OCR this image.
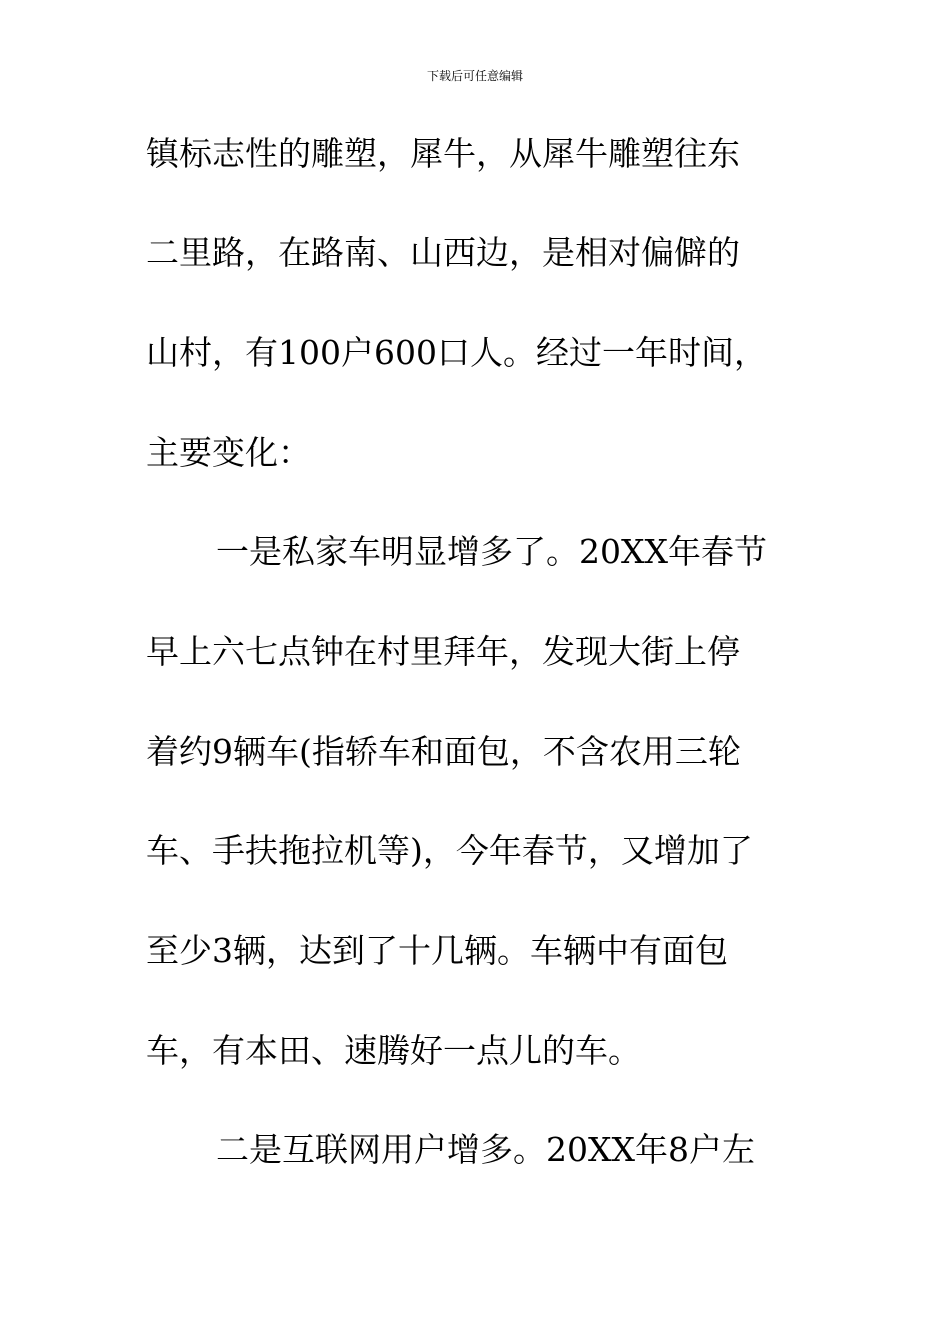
下载后可任意编辑
镇标志性的雕塑，犀牛，从犀牛雕塑往东
二里路，在路南、山西边，是相对偏僻的
山村，有100户600口人。经过一年时间，
主要变化：
一是私家车明显增多了。20XX年春节
早上六七点钟在村里拜年，发现大街上停
着约9辆车(指轿车和面包，不含农用三轮
车、手扶拖拉机等)，今年春节，又增加了
至少3辆，达到了十几辆。车辆中有面包
车，有本田、速腾好一点儿的车。
二是互联网用户增多。20XX年8户左
